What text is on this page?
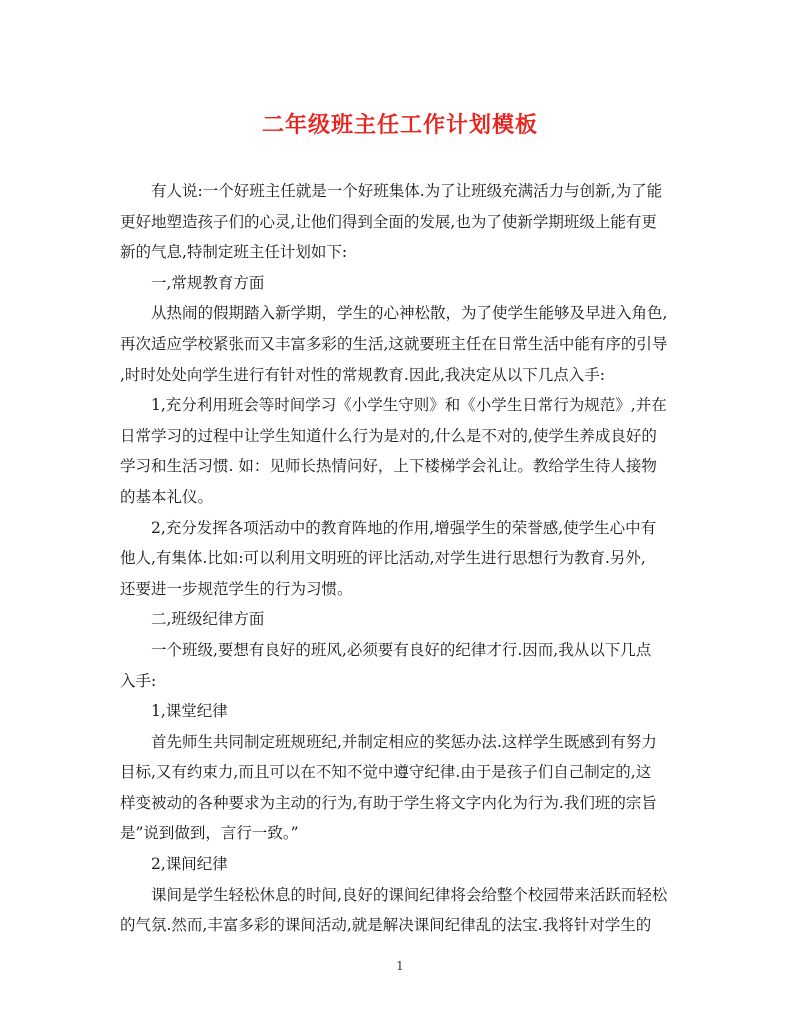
二年级班主任工作计划模板
有人说:一个好班主任就是一个好班集体.为了让班级充满活力与创新,为了能
更好地塑造孩子们的心灵,让他们得到全面的发展,也为了使新学期班级上能有更
新的气息,特制定班主任计划如下:
一,常规教育方面
从热闹的假期踏入新学期，学生的心神松散，为了使学生能够及早进入角色,
再次适应学校紧张而又丰富多彩的生活,这就要班主任在日常生活中能有序的引导
,时时处处向学生进行有针对性的常规教育.因此,我决定从以下几点入手:
1,充分利用班会等时间学习《小学生守则》和《小学生日常行为规范》,并在
日常学习的过程中让学生知道什么行为是对的,什么是不对的,使学生养成良好的
学习和生活习惯. 如：见师长热情问好，上下楼梯学会礼让。教给学生待人接物
的基本礼仪。
2,充分发挥各项活动中的教育阵地的作用,增强学生的荣誉感,使学生心中有
他人,有集体.比如:可以利用文明班的评比活动,对学生进行思想行为教育.另外,
还要进一步规范学生的行为习惯。
二,班级纪律方面
一个班级,要想有良好的班风,必须要有良好的纪律才行.因而,我从以下几点
入手:
1,课堂纪律
首先师生共同制定班规班纪,并制定相应的奖惩办法.这样学生既感到有努力
目标,又有约束力,而且可以在不知不觉中遵守纪律.由于是孩子们自己制定的,这
样变被动的各种要求为主动的行为,有助于学生将文字内化为行为.我们班的宗旨
是”说到做到，言行一致。”
2,课间纪律
课间是学生轻松休息的时间,良好的课间纪律将会给整个校园带来活跃而轻松
的气氛.然而,丰富多彩的课间活动,就是解决课间纪律乱的法宝.我将针对学生的
1
